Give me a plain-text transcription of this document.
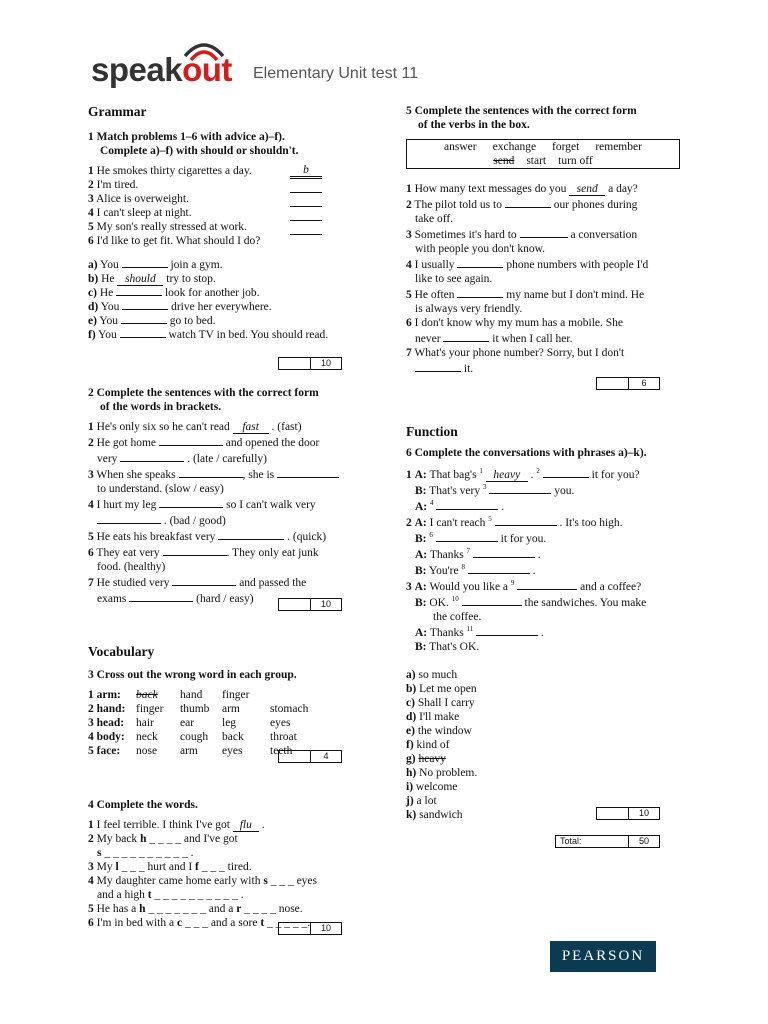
speakout Elementary Unit test 11
Grammar
1 Match problems 1–6 with advice a)–f).
Complete a)–f) with should or shouldn't.
1 He smokes thirty cigarettes a day.	b
2 I'm tired.
3 Alice is overweight.
4 I can't sleep at night.
5 My son's really stressed at work.
6 I'd like to get fit. What should I do?
a) You	join a gym.
b) He should try to stop.
c) He	look for another job.
d) You	drive her everywhere.
e) You	go to bed.
f) You	watch TV in bed. You should read.
10
2 Complete the sentences with the correct form
of the words in brackets.
1 He's only six so he can't read fast . (fast)
2 He got home	and opened the door
very	. (late / carefully)
3 When she speaks	, she is
to understand. (slow / easy)
4 I hurt my leg	so I can't walk very
. (bad / good)
5 He eats his breakfast very	. (quick)
6 They eat very	. They only eat junk
food. (healthy)
7 He studied very	and passed the
exams	(hard / easy)	10
Vocabulary
3 Cross out the wrong word in each group.
1 arm:	back	hand	finger	
2 hand:	finger	thumb	arm	stomach
3 head:	hair	ear	leg	eyes
4 body:	neck	cough	back	throat
5 face:	nose	arm	eyes	teeth	4
4 Complete the words.
1 I feel terrible. I think I've got flu .
2 My back h _ _ _ _ and I've got
s _ _ _ _ _ _ _ _ _ _ .
3 My l _ _ _ hurt and I f _ _ _ tired.
4 My daughter came home early with s _ _ _ eyes
and a high t _ _ _ _ _ _ _ _ _ _ .
5 He has a h _ _ _ _ _ _ _ and a r _ _ _ _ nose.
6 I'm in bed with a c _ _ _ and a sore t _ _ _ _ _.	10
5 Complete the sentences with the correct form
of the verbs in the box.
answer exchange forget remember
send start turn off
1 How many text messages do you send a day?
2 The pilot told us to	our phones during
take off.
3 Sometimes it's hard to	a conversation
with people you don't know.
4 I usually	phone numbers with people I'd
like to see again.
5 He often	my name but I don't mind. He
is always very friendly.
6 I don't know why my mum has a mobile. She
never	it when I call her.
7 What's your phone number? Sorry, but I don't
it.
6
Function
6 Complete the conversations with phrases a)–k).
1 A: That bag's $^1$ heavy . $^2$	it for you?
B: That's very $^3$	you.
A: $^4$	.
2 A: I can't reach $^5$	. It's too high.
B: $^6$	it for you.
A: Thanks $^7$	.
B: You're $^8$	.
3 A: Would you like a $^9$	and a coffee?
B: OK. $^{10}$	the sandwiches. You make
the coffee.
A: Thanks $^{11}$	.
B: That's OK.
a) so much
b) Let me open
c) Shall I carry
d) I'll make
e) the window
f) kind of
g) heavy
h) No problem.
i) welcome
j) a lot
k) sandwich	10
Total:	50
PEARSON
